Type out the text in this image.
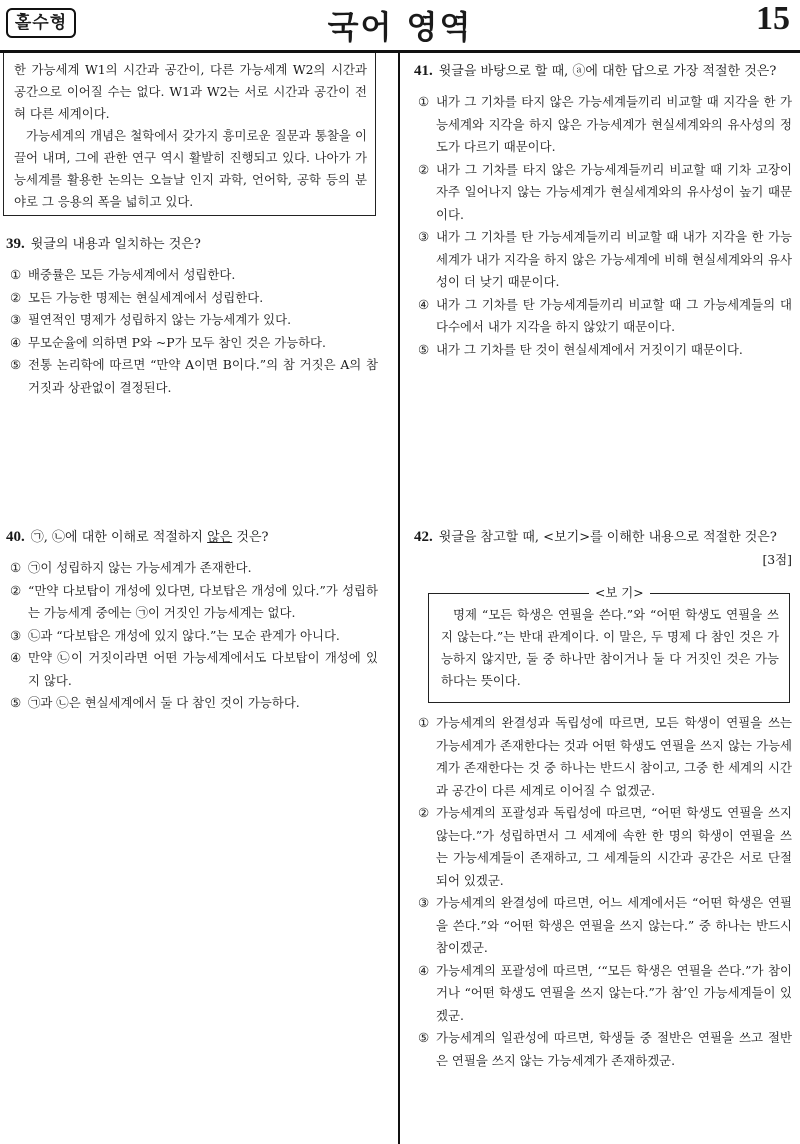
홀수형	국어 영역	15

한 가능세계 W1의 시간과 공간이, 다른 가능세계 W2의 시간과 공간으로 이어질 수는 없다. W1과 W2는 서로 시간과 공간이 전혀 다른 세계이다.

가능세계의 개념은 철학에서 갖가지 흥미로운 질문과 통찰을 이끌어 내며, 그에 관한 연구 역시 활발히 진행되고 있다. 나아가 가능세계를 활용한 논의는 오늘날 인지 과학, 언어학, 공학 등의 분야로 그 응용의 폭을 넓히고 있다.

39. 윗글의 내용과 일치하는 것은?
① 배중률은 모든 가능세계에서 성립한다.
② 모든 가능한 명제는 현실세계에서 성립한다.
③ 필연적인 명제가 성립하지 않는 가능세계가 있다.
④ 무모순율에 의하면 P와 ~P가 모두 참인 것은 가능하다.
⑤ 전통 논리학에 따르면 “만약 A이면 B이다.”의 참 거짓은 A의 참 거짓과 상관없이 결정된다.
40. ㉠, ㉡에 대한 이해로 적절하지 않은 것은?
① ㉠이 성립하지 않는 가능세계가 존재한다.
② “만약 다보탑이 개성에 있다면, 다보탑은 개성에 있다.”가 성립하는 가능세계 중에는 ㉠이 거짓인 가능세계는 없다.
③ ㉡과 “다보탑은 개성에 있지 않다.”는 모순 관계가 아니다.
④ 만약 ㉡이 거짓이라면 어떤 가능세계에서도 다보탑이 개성에 있지 않다.
⑤ ㉠과 ㉡은 현실세계에서 둘 다 참인 것이 가능하다.
41. 윗글을 바탕으로 할 때, ⓐ에 대한 답으로 가장 적절한 것은?
① 내가 그 기차를 타지 않은 가능세계들끼리 비교할 때 지각을 한 가능세계와 지각을 하지 않은 가능세계가 현실세계와의 유사성의 정도가 다르기 때문이다.
② 내가 그 기차를 타지 않은 가능세계들끼리 비교할 때 기차 고장이 자주 일어나지 않는 가능세계가 현실세계와의 유사성이 높기 때문이다.
③ 내가 그 기차를 탄 가능세계들끼리 비교할 때 내가 지각을 한 가능세계가 내가 지각을 하지 않은 가능세계에 비해 현실세계와의 유사성이 더 낮기 때문이다.
④ 내가 그 기차를 탄 가능세계들끼리 비교할 때 그 가능세계들의 대다수에서 내가 지각을 하지 않았기 때문이다.
⑤ 내가 그 기차를 탄 것이 현실세계에서 거짓이기 때문이다.
42. 윗글을 참고할 때, <보기>를 이해한 내용으로 적절한 것은?
[3점]
<보 기>
명제 “모든 학생은 연필을 쓴다.”와 “어떤 학생도 연필을 쓰지 않는다.”는 반대 관계이다. 이 말은, 두 명제 다 참인 것은 가능하지 않지만, 둘 중 하나만 참이거나 둘 다 거짓인 것은 가능하다는 뜻이다.
① 가능세계의 완결성과 독립성에 따르면, 모든 학생이 연필을 쓰는 가능세계가 존재한다는 것과 어떤 학생도 연필을 쓰지 않는 가능세계가 존재한다는 것 중 하나는 반드시 참이고, 그중 한 세계의 시간과 공간이 다른 세계로 이어질 수 없겠군.
② 가능세계의 포괄성과 독립성에 따르면, “어떤 학생도 연필을 쓰지 않는다.”가 성립하면서 그 세계에 속한 한 명의 학생이 연필을 쓰는 가능세계들이 존재하고, 그 세계들의 시간과 공간은 서로 단절되어 있겠군.
③ 가능세계의 완결성에 따르면, 어느 세계에서든 “어떤 학생은 연필을 쓴다.”와 “어떤 학생은 연필을 쓰지 않는다.” 중 하나는 반드시 참이겠군.
④ 가능세계의 포괄성에 따르면, ‘“모든 학생은 연필을 쓴다.”가 참이거나 “어떤 학생도 연필을 쓰지 않는다.”가 참’인 가능세계들이 있겠군.
⑤ 가능세계의 일관성에 따르면, 학생들 중 절반은 연필을 쓰고 절반은 연필을 쓰지 않는 가능세계가 존재하겠군.
